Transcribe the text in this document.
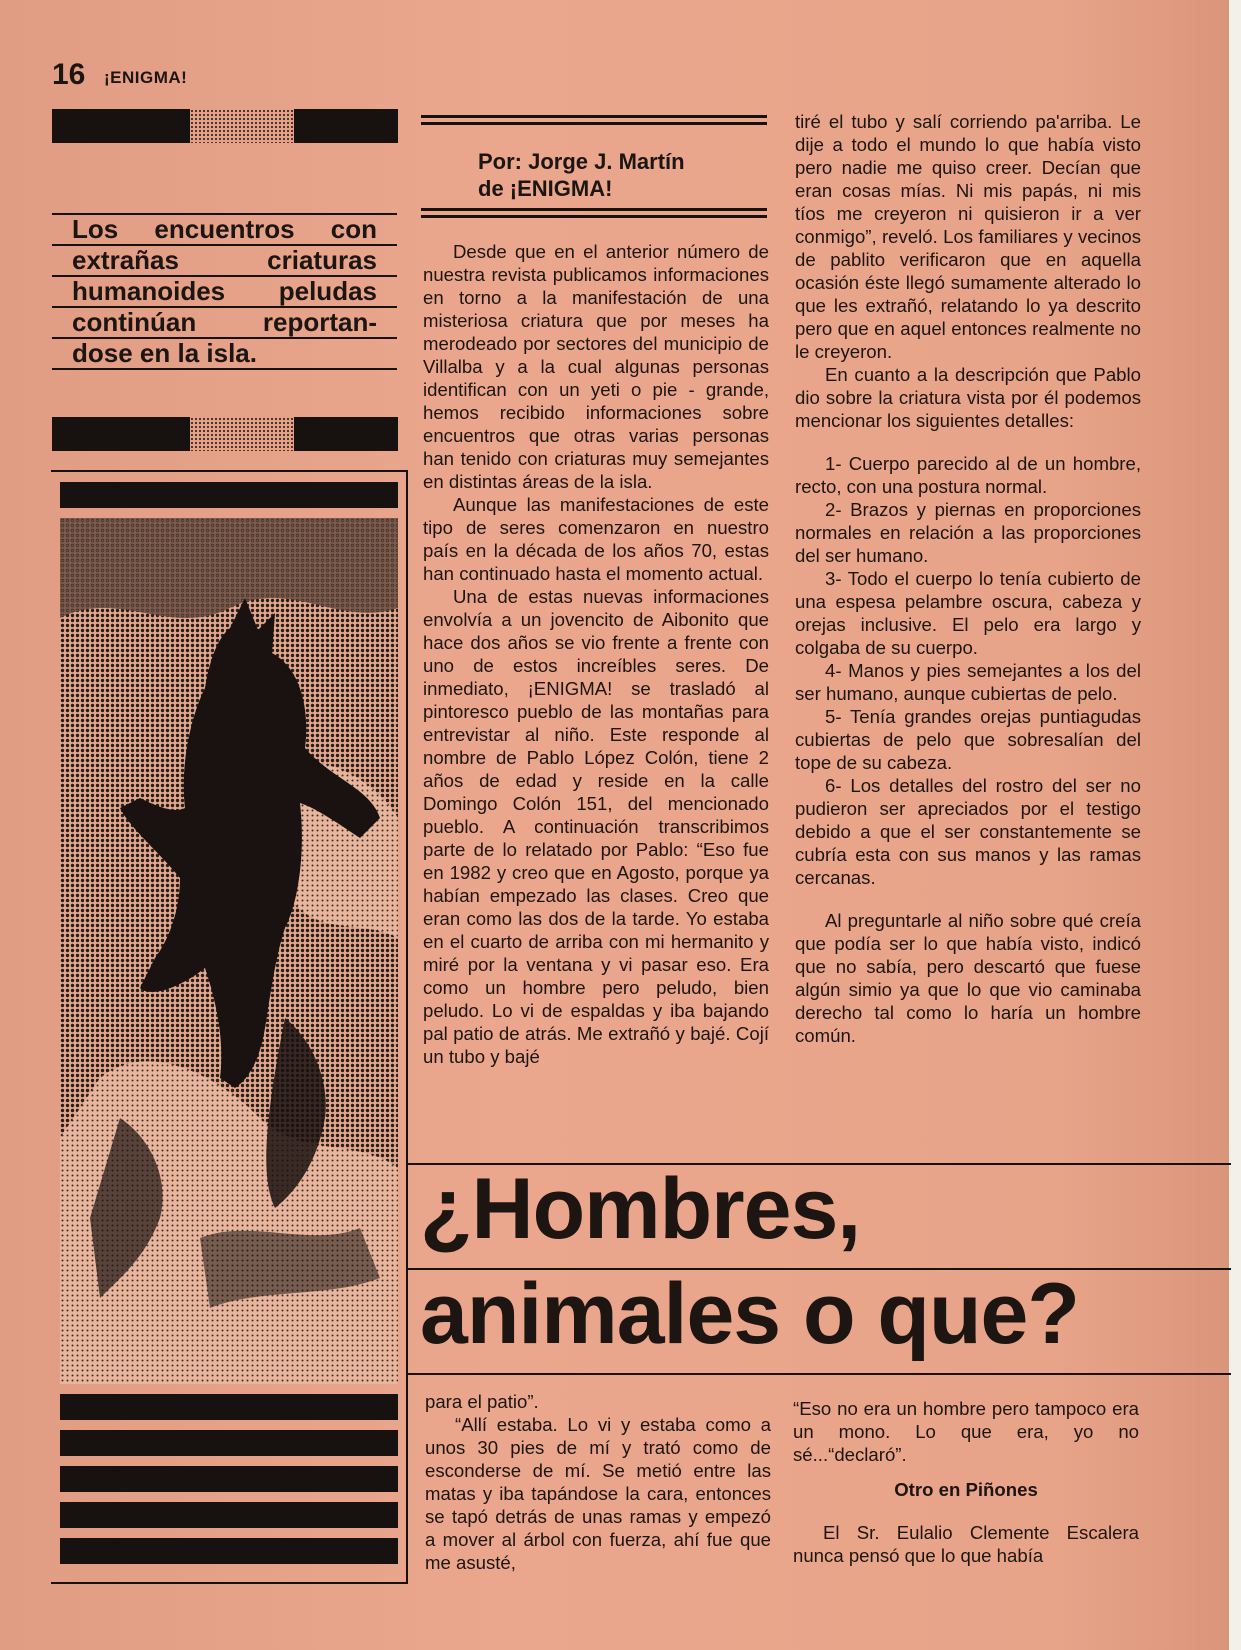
16 ¡ENIGMA!
Los encuentros con
extrañas criaturas
humanoides peludas
continúan reportan-
dose en la isla.
Por: Jorge J. Martín
de ¡ENIGMA!

Desde que en el anterior número de nuestra revista publicamos informaciones en torno a la manifestación de una misteriosa criatura que por meses ha merodeado por sectores del municipio de Villalba y a la cual algunas personas identifican con un yeti o pie - grande, hemos recibido informaciones sobre encuentros que otras varias personas han tenido con criaturas muy semejantes en distintas áreas de la isla.

Aunque las manifestaciones de este tipo de seres comenzaron en nuestro país en la década de los años 70, estas han continuado hasta el momento actual.

Una de estas nuevas informaciones envolvía a un jovencito de Aibonito que hace dos años se vio frente a frente con uno de estos increíbles seres. De inmediato, ¡ENIGMA! se trasladó al pintoresco pueblo de las montañas para entrevistar al niño. Este responde al nombre de Pablo López Colón, tiene 2 años de edad y reside en la calle Domingo Colón 151, del mencionado pueblo. A continuación transcribimos parte de lo relatado por Pablo: “Eso fue en 1982 y creo que en Agosto, porque ya habían empezado las clases. Creo que eran como las dos de la tarde. Yo estaba en el cuarto de arriba con mi hermanito y miré por la ventana y vi pasar eso. Era como un hombre pero peludo, bien peludo. Lo vi de espaldas y iba bajando pal patio de atrás. Me extrañó y bajé. Cojí un tubo y bajé

tiré el tubo y salí corriendo pa'arriba. Le dije a todo el mundo lo que había visto pero nadie me quiso creer. Decían que eran cosas mías. Ni mis papás, ni mis tíos me creyeron ni quisieron ir a ver conmigo”, reveló. Los familiares y vecinos de pablito verificaron que en aquella ocasión éste llegó sumamente alterado lo que les extrañó, relatando lo ya descrito pero que en aquel entonces realmente no le creyeron.

En cuanto a la descripción que Pablo dio sobre la criatura vista por él podemos mencionar los siguientes detalles:

1- Cuerpo parecido al de un hombre, recto, con una postura normal.

2- Brazos y piernas en proporciones normales en relación a las proporciones del ser humano.

3- Todo el cuerpo lo tenía cubierto de una espesa pelambre oscura, cabeza y orejas inclusive. El pelo era largo y colgaba de su cuerpo.

4- Manos y pies semejantes a los del ser humano, aunque cubiertas de pelo.

5- Tenía grandes orejas puntiagudas cubiertas de pelo que sobresalían del tope de su cabeza.

6- Los detalles del rostro del ser no pudieron ser apreciados por el testigo debido a que el ser constantemente se cubría esta con sus manos y las ramas cercanas.

Al preguntarle al niño sobre qué creía que podía ser lo que había visto, indicó que no sabía, pero descartó que fuese algún simio ya que lo que vio caminaba derecho tal como lo haría un hombre común.

¿Hombres,
animales o que?

para el patio”.

“Allí estaba. Lo vi y estaba como a unos 30 pies de mí y trató como de esconderse de mí. Se metió entre las matas y iba tapándose la cara, entonces se tapó detrás de unas ramas y empezó a mover al árbol con fuerza, ahí fue que me asusté,

“Eso no era un hombre pero tampoco era un mono. Lo que era, yo no sé...“declaró”.

Otro en Piñones

El Sr. Eulalio Clemente Escalera nunca pensó que lo que había
